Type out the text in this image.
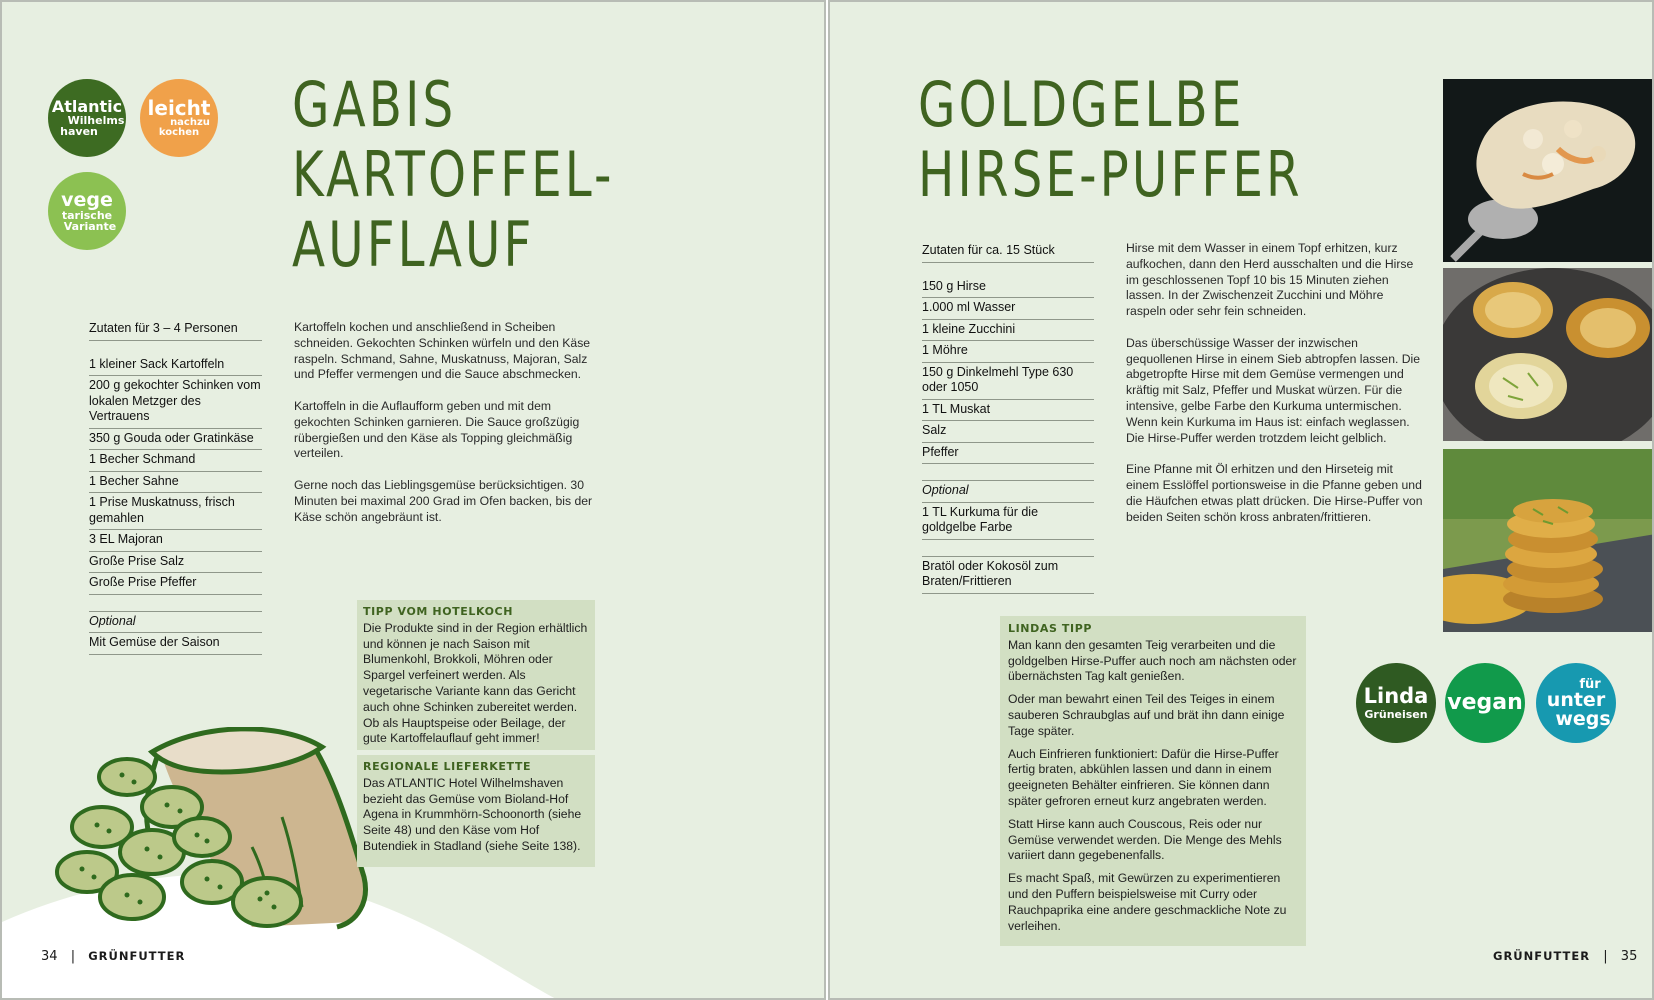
Atlantic
Wilhelms
haven
leicht
nachzu
kochen
vege
tarische
Variante
GABIS
KARTOFFEL-
AUFLAUF
Zutaten für 3 – 4 Personen
1 kleiner Sack Kartoffeln
200 g gekochter Schinken vom lokalen Metzger des Vertrauens
350 g Gouda oder Gratinkäse
1 Becher Schmand
1 Becher Sahne
1 Prise Muskatnuss, frisch gemahlen
3 EL Majoran
Große Prise Salz
Große Prise Pfeffer
Optional
Mit Gemüse der Saison

Kartoffeln kochen und anschließend in Scheiben schneiden. Gekochten Schinken würfeln und den Käse raspeln. Schmand, Sahne, Muskatnuss, Majoran, Salz und Pfeffer vermengen und die Sauce abschmecken.

Kartoffeln in die Auflaufform geben und mit dem gekochten Schinken garnieren. Die Sauce großzügig rübergießen und den Käse als Topping gleichmäßig verteilen.

Gerne noch das Lieblingsgemüse berücksichtigen. 30 Minuten bei maximal 200 Grad im Ofen backen, bis der Käse schön angebräunt ist.

TIPP VOM HOTELKOCH
Die Produkte sind in der Region erhältlich und können je nach Saison mit Blumenkohl, Brokkoli, Möhren oder Spargel verfeinert werden. Als vegetarische Variante kann das Gericht auch ohne Schinken zubereitet werden. Ob als Hauptspeise oder Beilage, der gute Kartoffelauflauf geht immer!
REGIONALE LIEFERKETTE
Das ATLANTIC Hotel Wilhelmshaven bezieht das Gemüse vom Bioland-Hof Agena in Krummhörn-Schoonorth (siehe Seite 48) und den Käse vom Hof Butendiek in Stadland (siehe Seite 138).
34 | GRÜNFUTTER
GOLDGELBE
HIRSE-PUFFER
Zutaten für ca. 15 Stück
150 g Hirse
1.000 ml Wasser
1 kleine Zucchini
1 Möhre
150 g Dinkelmehl Type 630 oder 1050
1 TL Muskat
Salz
Pfeffer
Optional
1 TL Kurkuma für die goldgelbe Farbe
Bratöl oder Kokosöl zum Braten/Frittieren

Hirse mit dem Wasser in einem Topf erhitzen, kurz aufkochen, dann den Herd ausschalten und die Hirse im geschlossenen Topf 10 bis 15 Minuten ziehen lassen. In der Zwischenzeit Zucchini und Möhre raspeln oder sehr fein schneiden.

Das überschüssige Wasser der inzwischen gequollenen Hirse in einem Sieb abtropfen lassen. Die abgetropfte Hirse mit dem Gemüse vermengen und kräftig mit Salz, Pfeffer und Muskat würzen. Für die intensive, gelbe Farbe den Kurkuma untermischen. Wenn kein Kurkuma im Haus ist: einfach weglassen. Die Hirse-Puffer werden trotzdem leicht gelblich.

Eine Pfanne mit Öl erhitzen und den Hirseteig mit einem Esslöffel portionsweise in die Pfanne geben und die Häufchen etwas platt drücken. Die Hirse-Puffer von beiden Seiten schön kross anbraten/frittieren.

LINDAS TIPP

Man kann den gesamten Teig verarbeiten und die goldgelben Hirse-Puffer auch noch am nächsten oder übernächsten Tag kalt genießen.

Oder man bewahrt einen Teil des Teiges in einem sauberen Schraubglas auf und brät ihn dann einige Tage später.

Auch Einfrieren funktioniert: Dafür die Hirse-Puffer fertig braten, abkühlen lassen und dann in einem geeigneten Behälter einfrieren. Sie können dann später gefroren erneut kurz angebraten werden.

Statt Hirse kann auch Couscous, Reis oder nur Gemüse verwendet werden. Die Menge des Mehls variiert dann gegebenenfalls.

Es macht Spaß, mit Gewürzen zu experimentieren und den Puffern beispielsweise mit Curry oder Rauchpaprika eine andere geschmackliche Note zu verleihen.

Linda
Grüneisen vegan
für
unter
wegs
GRÜNFUTTER | 35
